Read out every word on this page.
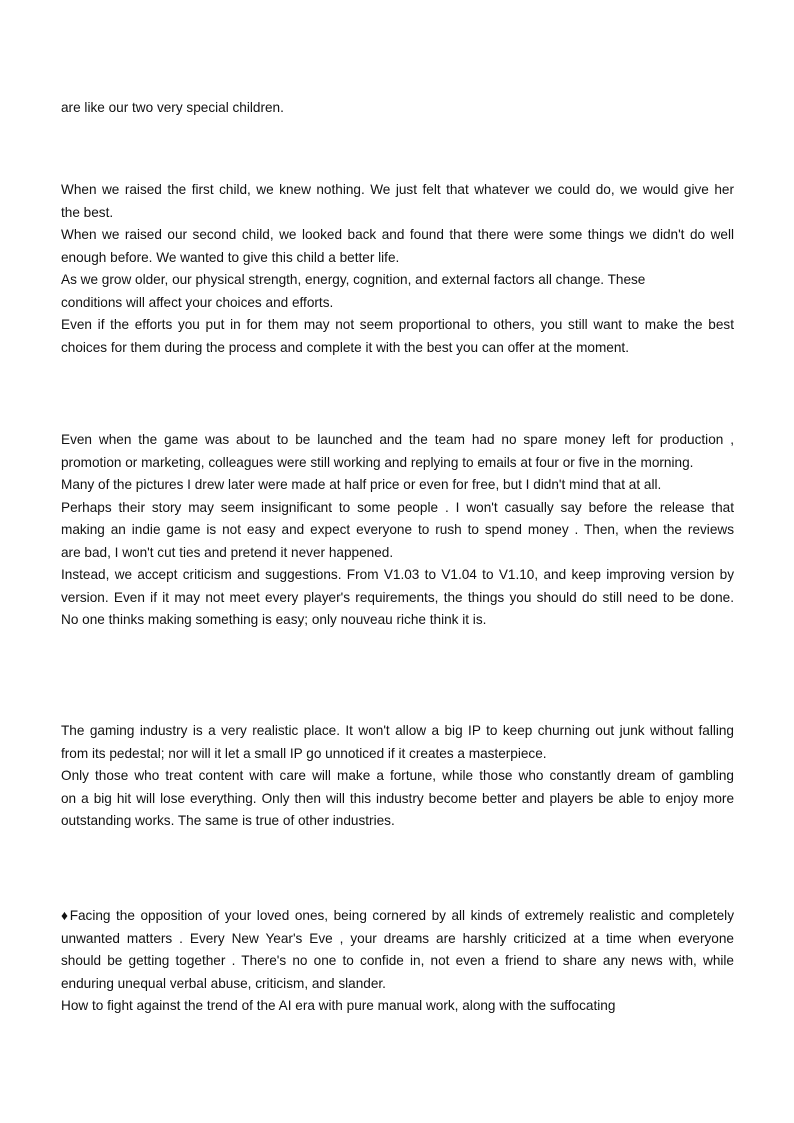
are like our two very special children.
When we raised the first child, we knew nothing. We just felt that whatever we could do, we would give her
the best.
When we raised our second child, we looked back and found that there were some things we didn't do well
enough before. We wanted to give this child a better life.
As we grow older, our physical strength, energy, cognition, and external factors all change. These
conditions will affect your choices and efforts.
Even if the efforts you put in for them may not seem proportional to others, you still want to make the best
choices for them during the process and complete it with the best you can offer at the moment.
Even when the game was about to be launched and the team had no spare money left for production ,
promotion or marketing, colleagues were still working and replying to emails at four or five in the morning.
Many of the pictures I drew later were made at half price or even for free, but I didn't mind that at all.
Perhaps their story may seem insignificant to some people . I won't casually say before the release that
making an indie game is not easy and expect everyone to rush to spend money . Then, when the reviews
are bad, I won't cut ties and pretend it never happened.
Instead, we accept criticism and suggestions. From V1.03 to V1.04 to V1.10, and keep improving version by
version. Even if it may not meet every player's requirements, the things you should do still need to be done.
No one thinks making something is easy; only nouveau riche think it is.
The gaming industry is a very realistic place. It won't allow a big IP to keep churning out junk without falling
from its pedestal; nor will it let a small IP go unnoticed if it creates a masterpiece.
Only those who treat content with care will make a fortune, while those who constantly dream of gambling
on a big hit will lose everything. Only then will this industry become better and players be able to enjoy more
outstanding works. The same is true of other industries.
♦Facing the opposition of your loved ones, being cornered by all kinds of extremely realistic and completely
unwanted matters . Every New Year's Eve , your dreams are harshly criticized at a time when everyone
should be getting together . There's no one to confide in, not even a friend to share any news with, while
enduring unequal verbal abuse, criticism, and slander.
How to fight against the trend of the AI era with pure manual work, along with the suffocating
